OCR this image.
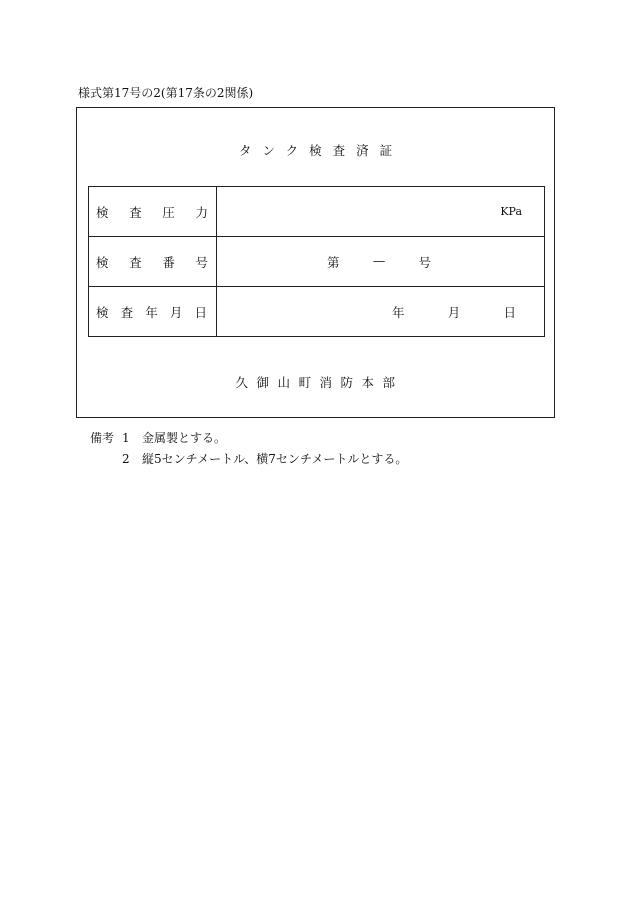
様式第17号の2(第17条の2関係)
タンク検査済証
検 査 圧 力	KPa

検 査 番 号	第 — 号

検 査 年 月 日	年 月 日
久御山町消防本部
備考 1	金属製とする。
2	縦5センチメートル、横7センチメートルとする。
